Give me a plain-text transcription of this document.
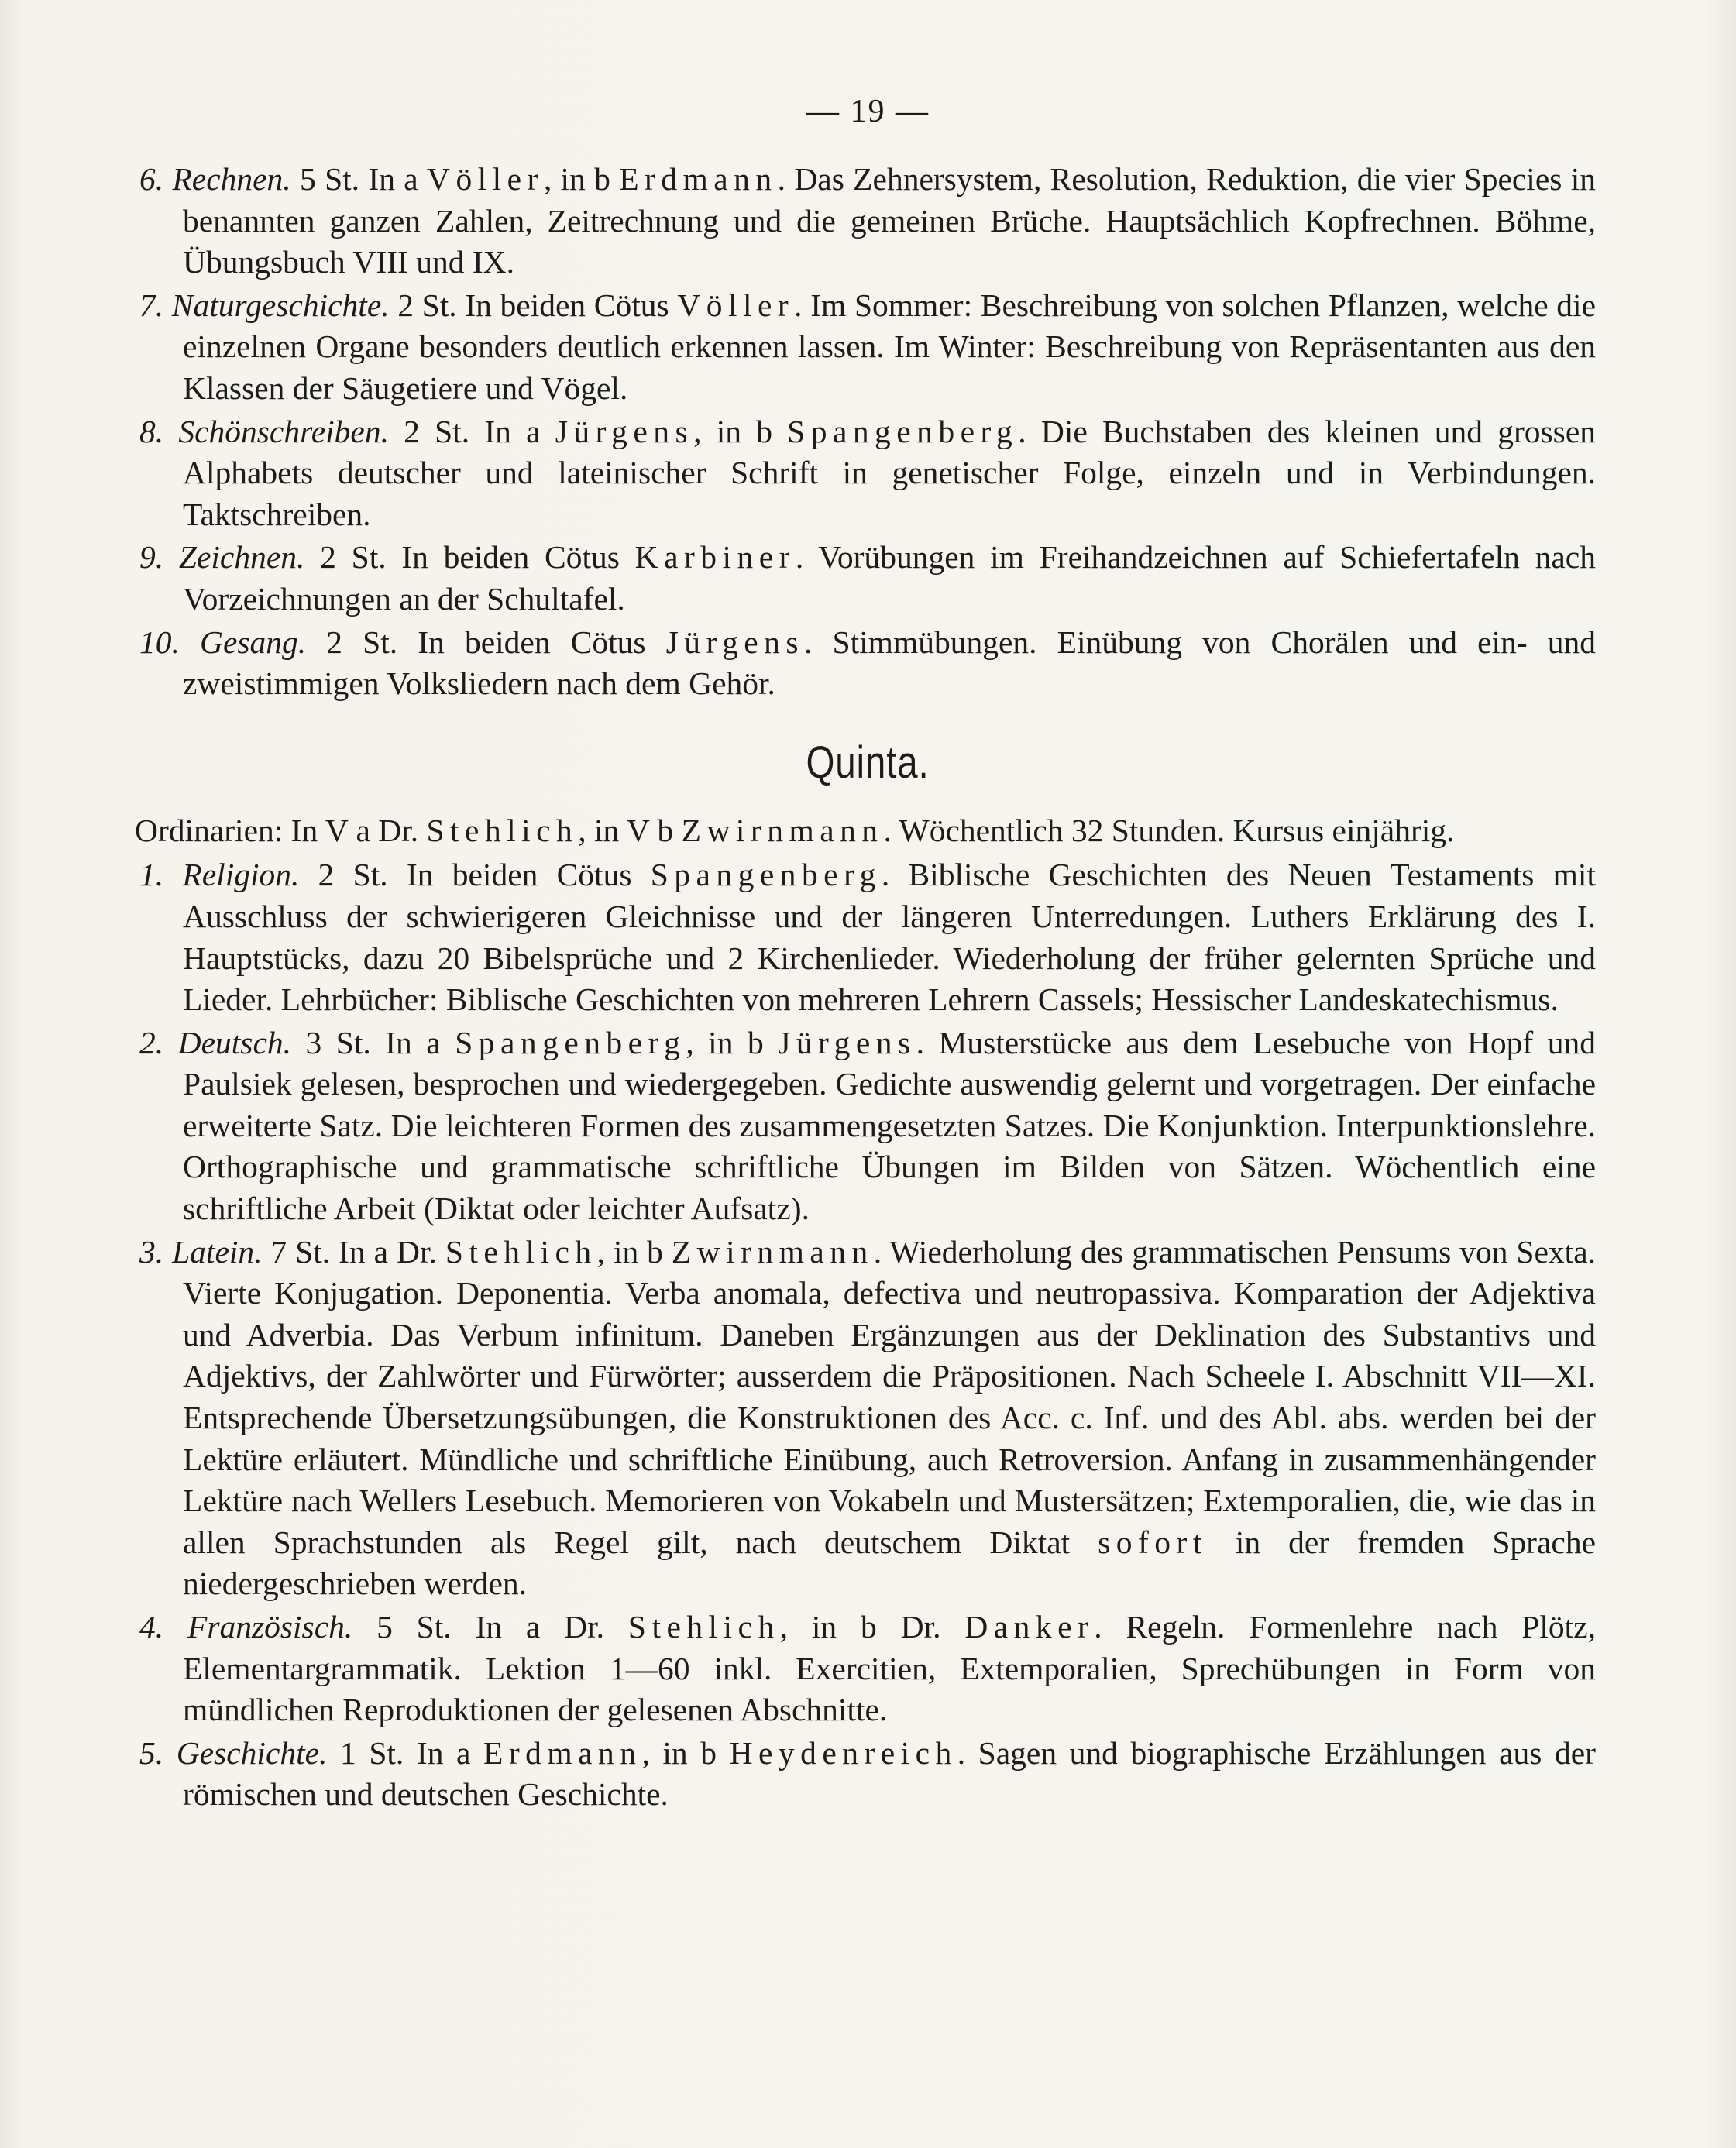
— 19 —

6. Rechnen. 5 St. In a Völler, in b Erdmann. Das Zehnersystem, Resolution, Reduktion, die vier Species in benannten ganzen Zahlen, Zeitrechnung und die gemeinen Brüche. Hauptsächlich Kopfrechnen. Böhme, Übungsbuch VIII und IX.

7. Naturgeschichte. 2 St. In beiden Cötus Völler. Im Sommer: Beschreibung von solchen Pflanzen, welche die einzelnen Organe besonders deutlich erkennen lassen. Im Winter: Beschreibung von Repräsentanten aus den Klassen der Säugetiere und Vögel.

8. Schönschreiben. 2 St. In a Jürgens, in b Spangenberg. Die Buchstaben des kleinen und grossen Alphabets deutscher und lateinischer Schrift in genetischer Folge, einzeln und in Verbindungen. Taktschreiben.

9. Zeichnen. 2 St. In beiden Cötus Karbiner. Vorübungen im Freihandzeichnen auf Schiefertafeln nach Vorzeichnungen an der Schultafel.

10. Gesang. 2 St. In beiden Cötus Jürgens. Stimmübungen. Einübung von Chorälen und ein- und zweistimmigen Volksliedern nach dem Gehör.

Quinta.
Ordinarien: In V a Dr. Stehlich, in V b Zwirnmann. Wöchentlich 32 Stunden. Kursus einjährig.

1. Religion. 2 St. In beiden Cötus Spangenberg. Biblische Geschichten des Neuen Testaments mit Ausschluss der schwierigeren Gleichnisse und der längeren Unterredungen. Luthers Erklärung des I. Hauptstücks, dazu 20 Bibelsprüche und 2 Kirchenlieder. Wiederholung der früher gelernten Sprüche und Lieder. Lehrbücher: Biblische Geschichten von mehreren Lehrern Cassels; Hessischer Landeskatechismus.

2. Deutsch. 3 St. In a Spangenberg, in b Jürgens. Musterstücke aus dem Lesebuche von Hopf und Paulsiek gelesen, besprochen und wiedergegeben. Gedichte auswendig gelernt und vorgetragen. Der einfache erweiterte Satz. Die leichteren Formen des zusammengesetzten Satzes. Die Konjunktion. Interpunktionslehre. Orthographische und grammatische schriftliche Übungen im Bilden von Sätzen. Wöchentlich eine schriftliche Arbeit (Diktat oder leichter Aufsatz).

3. Latein. 7 St. In a Dr. Stehlich, in b Zwirnmann. Wiederholung des grammatischen Pensums von Sexta. Vierte Konjugation. Deponentia. Verba anomala, defectiva und neutropassiva. Komparation der Adjektiva und Adverbia. Das Verbum infinitum. Daneben Ergänzungen aus der Deklination des Substantivs und Adjektivs, der Zahlwörter und Fürwörter; ausserdem die Präpositionen. Nach Scheele I. Abschnitt VII—XI. Entsprechende Übersetzungsübungen, die Konstruktionen des Acc. c. Inf. und des Abl. abs. werden bei der Lektüre erläutert. Mündliche und schriftliche Einübung, auch Retroversion. Anfang in zusammenhängender Lektüre nach Wellers Lesebuch. Memorieren von Vokabeln und Mustersätzen; Extemporalien, die, wie das in allen Sprachstunden als Regel gilt, nach deutschem Diktat sofort in der fremden Sprache niedergeschrieben werden.

4. Französisch. 5 St. In a Dr. Stehlich, in b Dr. Danker. Regeln. Formenlehre nach Plötz, Elementargrammatik. Lektion 1—60 inkl. Exercitien, Extemporalien, Sprechübungen in Form von mündlichen Reproduktionen der gelesenen Abschnitte.

5. Geschichte. 1 St. In a Erdmann, in b Heydenreich. Sagen und biographische Erzählungen aus der römischen und deutschen Geschichte.
